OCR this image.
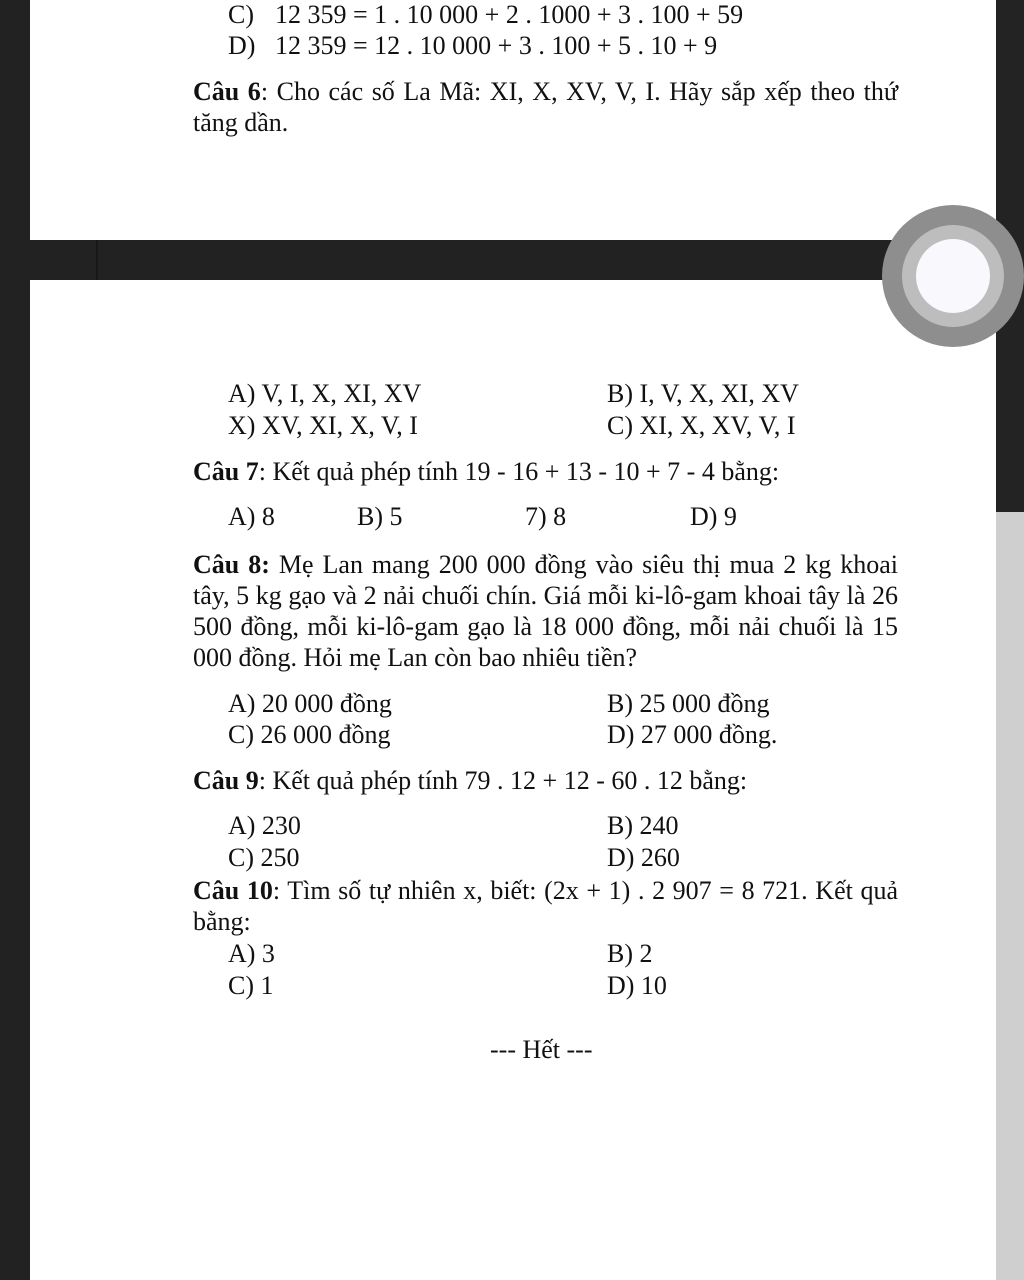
C) 12 359 = 1 . 10 000 + 2 . 1000 + 3 . 100 + 59
D) 12 359 = 12 . 10 000 + 3 . 100 + 5 . 10 + 9
Câu 6: Cho các số La Mã: XI, X, XV, V, I. Hãy sắp xếp theo thứ tăng dần.
A) V, I, X, XI, XV	B) I, V, X, XI, XV
X) XV, XI, X, V, I	C) XI, X, XV, V, I
Câu 7: Kết quả phép tính 19 - 16 + 13 - 10 + 7 - 4 bằng:
A) 8	B) 5	7) 8	D) 9
Câu 8: Mẹ Lan mang 200 000 đồng vào siêu thị mua 2 kg khoai tây, 5 kg gạo và 2 nải chuối chín. Giá mỗi ki-lô-gam khoai tây là 26 500 đồng, mỗi ki-lô-gam gạo là 18 000 đồng, mỗi nải chuối là 15 000 đồng. Hỏi mẹ Lan còn bao nhiêu tiền?
A) 20 000 đồng	B) 25 000 đồng
C) 26 000 đồng	D) 27 000 đồng.
Câu 9: Kết quả phép tính 79 . 12 + 12 - 60 . 12 bằng:
A) 230	B) 240
C) 250	D) 260
Câu 10: Tìm số tự nhiên x, biết: (2x + 1) . 2 907 = 8 721. Kết quả bằng:
A) 3	B) 2
C) 1	D) 10
--- Hết ---
